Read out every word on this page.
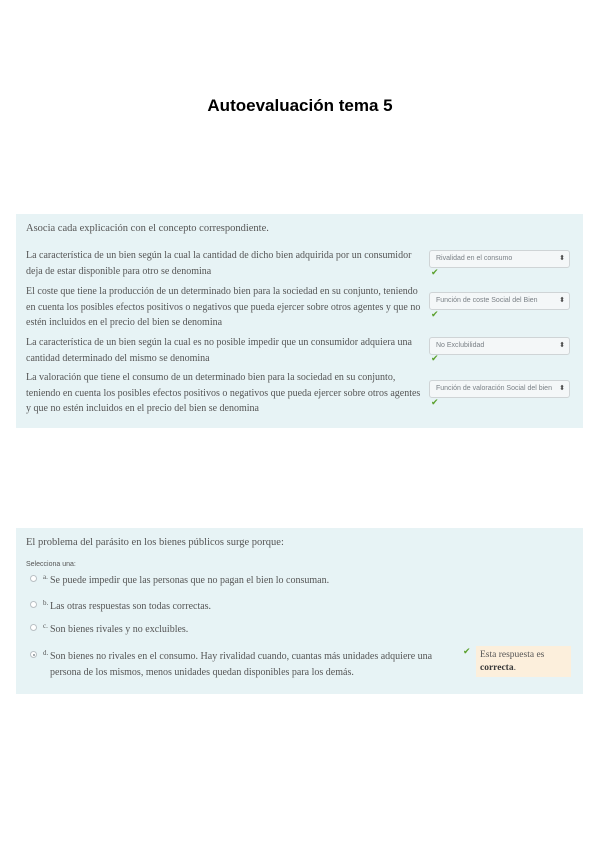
Autoevaluación tema 5
Asocia cada explicación con el concepto correspondiente.
La característica de un bien según la cual la cantidad de dicho bien adquirida por un consumidor deja de estar disponible para otro se denomina
Rivalidad en el consumo	⬍
✔
El coste que tiene la producción de un determinado bien para la sociedad en su conjunto, teniendo en cuenta los posibles efectos positivos o negativos que pueda ejercer sobre otros agentes y que no estén incluidos en el precio del bien se denomina
Función de coste Social del Bien	⬍
✔
La característica de un bien según la cual es no posible impedir que un consumidor adquiera una cantidad determinado del mismo se denomina
No Exclubilidad	⬍
✔
La valoración que tiene el consumo de un determinado bien para la sociedad en su conjunto, teniendo en cuenta los posibles efectos positivos o negativos que pueda ejercer sobre otros agentes y que no estén incluidos en el precio del bien se denomina
Función de valoración Social del bien ⬍
✔
El problema del parásito en los bienes públicos surge porque:
Selecciona una:
a. Se puede impedir que las personas que no pagan el bien lo consuman.
b. Las otras respuestas son todas correctas.
c. Son bienes rivales y no excluibles.
d. Son bienes no rivales en el consumo. Hay rivalidad cuando, cuantas más unidades adquiere una persona de los mismos, menos unidades quedan disponibles para los demás.
✔ Esta respuesta es
correcta.
